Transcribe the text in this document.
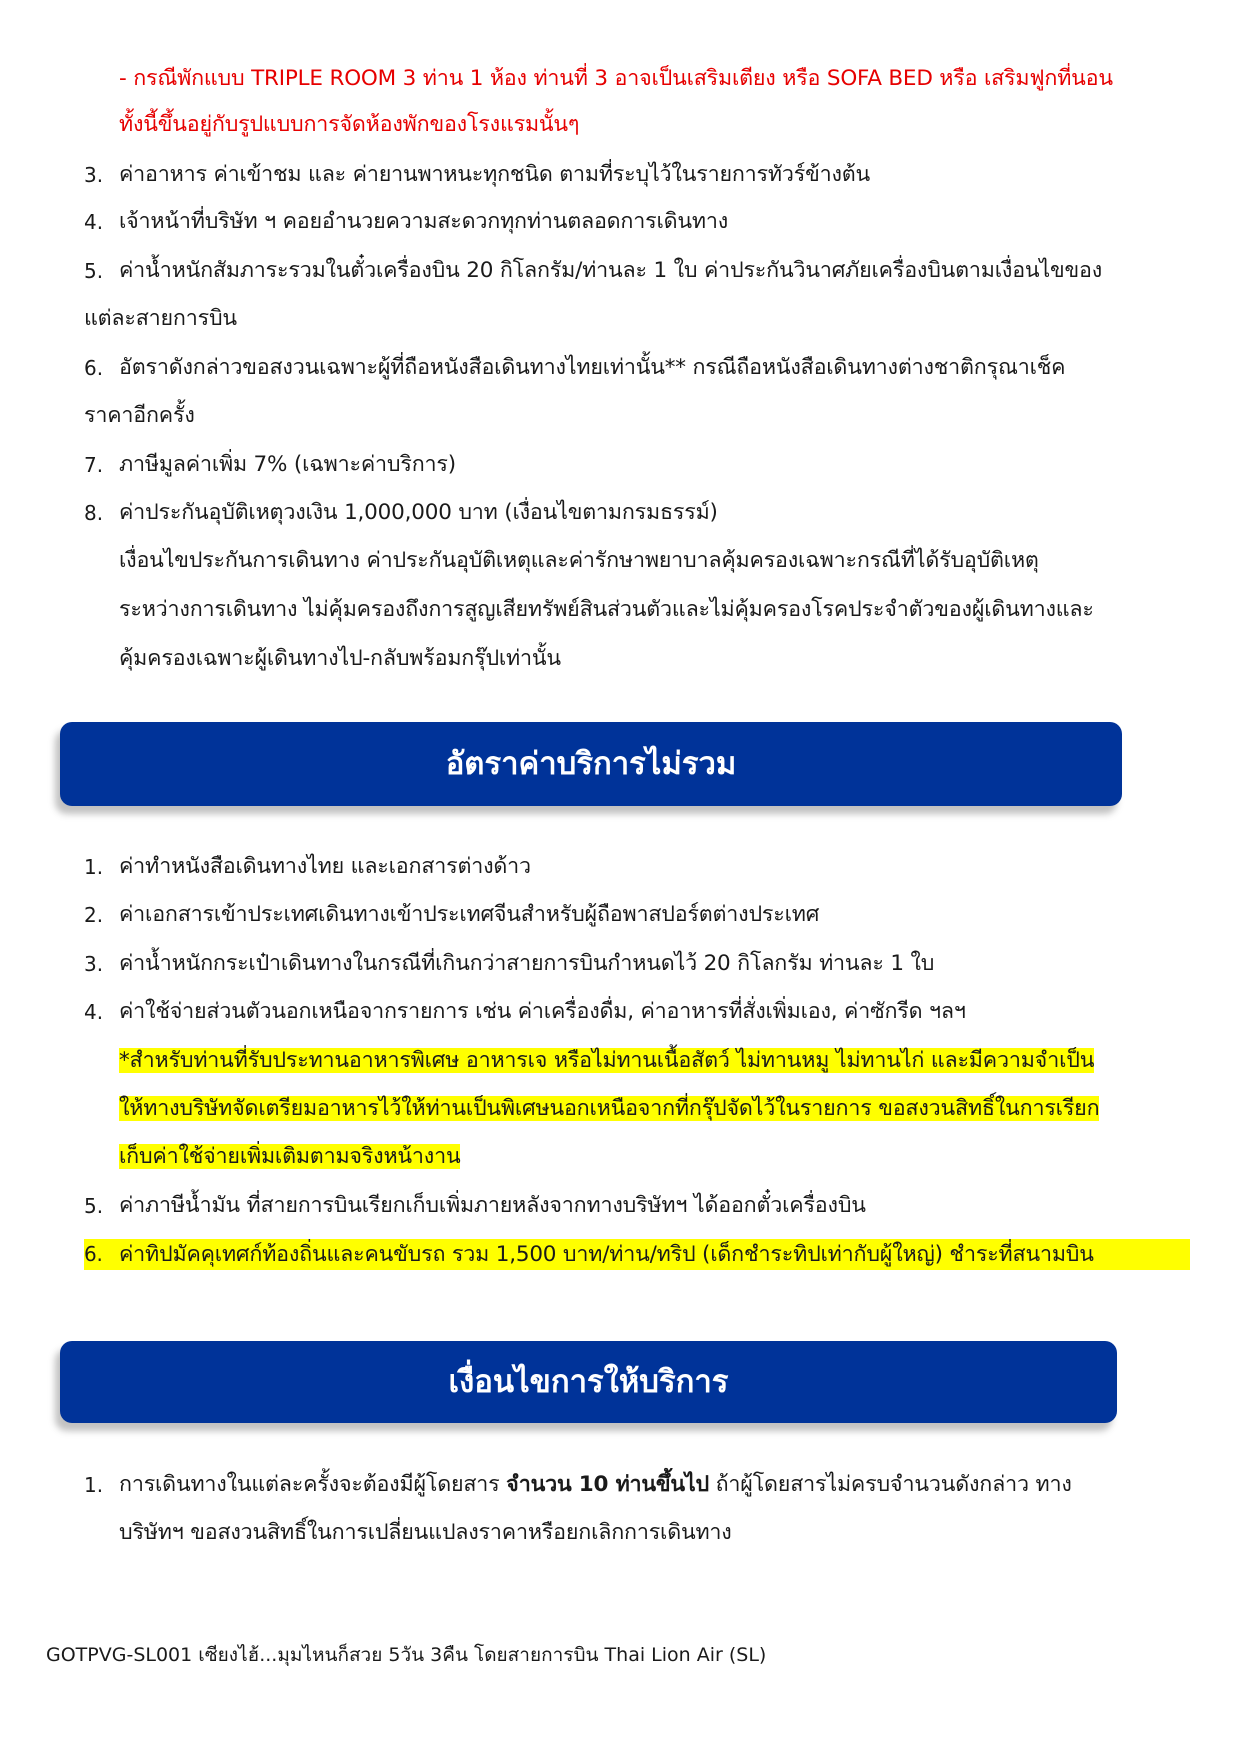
- กรณีพักแบบ TRIPLE ROOM 3 ท่าน 1 ห้อง ท่านที่ 3 อาจเป็นเสริมเตียง หรือ SOFA BED หรือ เสริมฟูกที่นอน
ทั้งนี้ขึ้นอยู่กับรูปแบบการจัดห้องพักของโรงแรมนั้นๆ
3. ค่าอาหาร ค่าเข้าชม และ ค่ายานพาหนะทุกชนิด ตามที่ระบุไว้ในรายการทัวร์ข้างต้น
4. เจ้าหน้าที่บริษัท ฯ คอยอำนวยความสะดวกทุกท่านตลอดการเดินทาง
5. ค่าน้ำหนักสัมภาระรวมในตั๋วเครื่องบิน 20 กิโลกรัม/ท่านละ 1 ใบ ค่าประกันวินาศภัยเครื่องบินตามเงื่อนไขของ
แต่ละสายการบิน
6. อัตราดังกล่าวขอสงวนเฉพาะผู้ที่ถือหนังสือเดินทางไทยเท่านั้น** กรณีถือหนังสือเดินทางต่างชาติกรุณาเช็ค
ราคาอีกครั้ง
7. ภาษีมูลค่าเพิ่ม 7% (เฉพาะค่าบริการ)
8. ค่าประกันอุบัติเหตุวงเงิน 1,000,000 บาท (เงื่อนไขตามกรมธรรม์)
เงื่อนไขประกันการเดินทาง ค่าประกันอุบัติเหตุและค่ารักษาพยาบาลคุ้มครองเฉพาะกรณีที่ได้รับอุบัติเหตุ
ระหว่างการเดินทาง ไม่คุ้มครองถึงการสูญเสียทรัพย์สินส่วนตัวและไม่คุ้มครองโรคประจำตัวของผู้เดินทางและ
คุ้มครองเฉพาะผู้เดินทางไป-กลับพร้อมกรุ๊ปเท่านั้น
อัตราค่าบริการไม่รวม
1. ค่าทำหนังสือเดินทางไทย และเอกสารต่างด้าว
2. ค่าเอกสารเข้าประเทศเดินทางเข้าประเทศจีนสำหรับผู้ถือพาสปอร์ตต่างประเทศ
3. ค่าน้ำหนักกระเป๋าเดินทางในกรณีที่เกินกว่าสายการบินกำหนดไว้ 20 กิโลกรัม ท่านละ 1 ใบ
4. ค่าใช้จ่ายส่วนตัวนอกเหนือจากรายการ เช่น ค่าเครื่องดื่ม, ค่าอาหารที่สั่งเพิ่มเอง, ค่าซักรีด ฯลฯ
*สำหรับท่านที่รับประทานอาหารพิเศษ อาหารเจ หรือไม่ทานเนื้อสัตว์ ไม่ทานหมู ไม่ทานไก่ และมีความจำเป็น
ให้ทางบริษัทจัดเตรียมอาหารไว้ให้ท่านเป็นพิเศษนอกเหนือจากที่กรุ๊ปจัดไว้ในรายการ ขอสงวนสิทธิ์ในการเรียก
เก็บค่าใช้จ่ายเพิ่มเติมตามจริงหน้างาน
5. ค่าภาษีน้ำมัน ที่สายการบินเรียกเก็บเพิ่มภายหลังจากทางบริษัทฯ ได้ออกตั๋วเครื่องบิน
6. ค่าทิปมัคคุเทศก์ท้องถิ่นและคนขับรถ รวม 1,500 บาท/ท่าน/ทริป (เด็กชำระทิปเท่ากับผู้ใหญ่) ชำระที่สนามบิน
เงื่อนไขการให้บริการ
1. การเดินทางในแต่ละครั้งจะต้องมีผู้โดยสาร จำนวน 10 ท่านขึ้นไป ถ้าผู้โดยสารไม่ครบจำนวนดังกล่าว ทาง
บริษัทฯ ขอสงวนสิทธิ์ในการเปลี่ยนแปลงราคาหรือยกเลิกการเดินทาง
GOTPVG-SL001 เซียงไฮ้...มุมไหนก็สวย 5วัน 3คืน โดยสายการบิน Thai Lion Air (SL)
